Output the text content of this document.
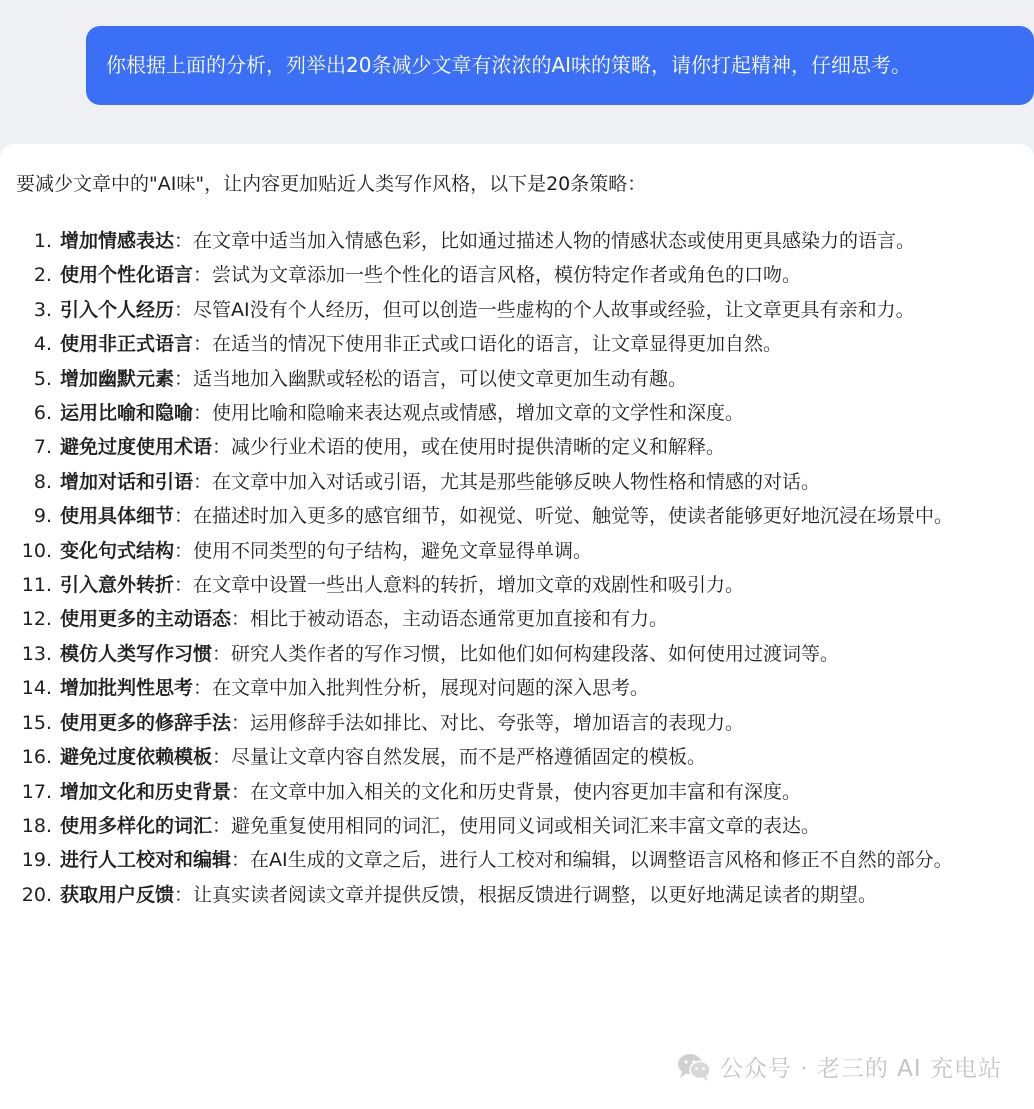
你根据上面的分析，列举出20条减少文章有浓浓的AI味的策略，请你打起精神，仔细思考。
要减少文章中的"AI味"，让内容更加贴近人类写作风格，以下是20条策略：
1. 增加情感表达：在文章中适当加入情感色彩，比如通过描述人物的情感状态或使用更具感染力的语言。
2. 使用个性化语言：尝试为文章添加一些个性化的语言风格，模仿特定作者或角色的口吻。
3. 引入个人经历：尽管AI没有个人经历，但可以创造一些虚构的个人故事或经验，让文章更具有亲和力。
4. 使用非正式语言：在适当的情况下使用非正式或口语化的语言，让文章显得更加自然。
5. 增加幽默元素：适当地加入幽默或轻松的语言，可以使文章更加生动有趣。
6. 运用比喻和隐喻：使用比喻和隐喻来表达观点或情感，增加文章的文学性和深度。
7. 避免过度使用术语：减少行业术语的使用，或在使用时提供清晰的定义和解释。
8. 增加对话和引语：在文章中加入对话或引语，尤其是那些能够反映人物性格和情感的对话。
9. 使用具体细节：在描述时加入更多的感官细节，如视觉、听觉、触觉等，使读者能够更好地沉浸在场景中。
10. 变化句式结构：使用不同类型的句子结构，避免文章显得单调。
11. 引入意外转折：在文章中设置一些出人意料的转折，增加文章的戏剧性和吸引力。
12. 使用更多的主动语态：相比于被动语态，主动语态通常更加直接和有力。
13. 模仿人类写作习惯：研究人类作者的写作习惯，比如他们如何构建段落、如何使用过渡词等。
14. 增加批判性思考：在文章中加入批判性分析，展现对问题的深入思考。
15. 使用更多的修辞手法：运用修辞手法如排比、对比、夸张等，增加语言的表现力。
16. 避免过度依赖模板：尽量让文章内容自然发展，而不是严格遵循固定的模板。
17. 增加文化和历史背景：在文章中加入相关的文化和历史背景，使内容更加丰富和有深度。
18. 使用多样化的词汇：避免重复使用相同的词汇，使用同义词或相关词汇来丰富文章的表达。
19. 进行人工校对和编辑：在AI生成的文章之后，进行人工校对和编辑，以调整语言风格和修正不自然的部分。
20. 获取用户反馈：让真实读者阅读文章并提供反馈，根据反馈进行调整，以更好地满足读者的期望。
公众号 · 老三的 AI 充电站
